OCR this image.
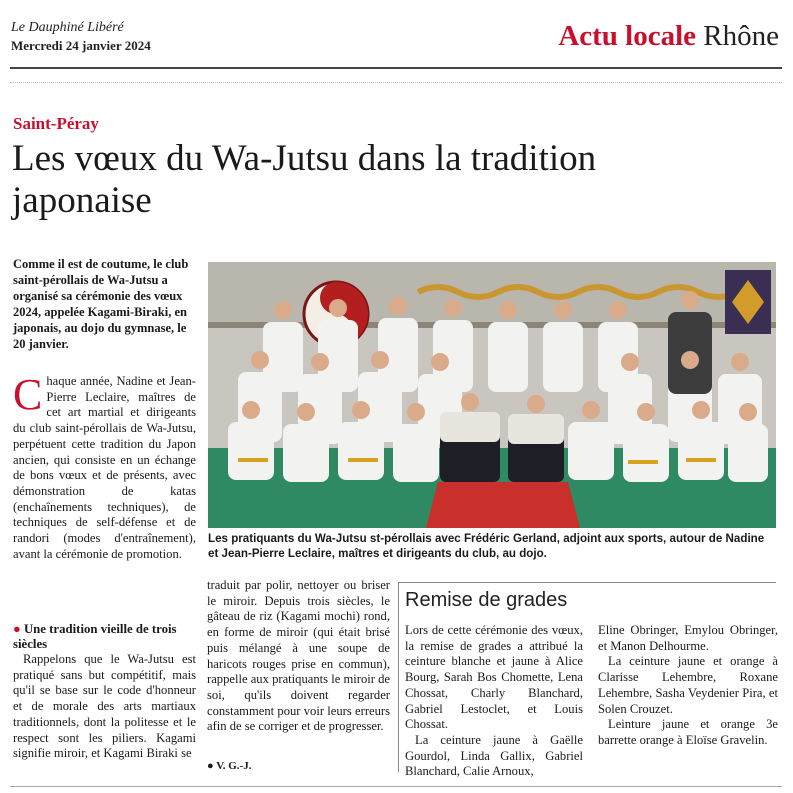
Le Dauphiné Libéré
Mercredi 24 janvier 2024	Actu locale Rhône
Saint-Péray
Les vœux du Wa-Jutsu dans la tradition japonaise

Comme il est de coutume, le club saint-pérollais de Wa-Jutsu a organisé sa cérémonie des vœux 2024, appelée Kagami-Biraki, en japonais, au dojo du gymnase, le 20 janvier.

C haque année, Nadine et Jean-Pierre Leclaire, maîtres de cet art martial et dirigeants du club saint-pérollais de Wa-Jutsu, perpétuent cette tradition du Japon ancien, qui consiste en un échange de bons vœux et de présents, avec démonstration de katas (enchaînements techniques), de techniques de self-défense et de randori (modes d'entraînement), avant la cérémonie de promotion.
● Une tradition vieille de trois siècles

Rappelons que le Wa-Jutsu est pratiqué sans but compétitif, mais qu'il se base sur le code d'honneur et de morale des arts martiaux traditionnels, dont la politesse et le respect sont les piliers. Kagami signifie miroir, et Kagami Biraki se

traduit par polir, nettoyer ou briser le miroir. Depuis trois siècles, le gâteau de riz (Kagami mochi) rond, en forme de miroir (qui était brisé puis mélangé à une soupe de haricots rouges prise en commun), rappelle aux pratiquants le miroir de soi, qu'ils doivent regarder constamment pour voir leurs erreurs afin de se corriger et de progresser.

● V. G.-J.

Les pratiquants du Wa-Jutsu st-pérollais avec Frédéric Gerland, adjoint aux sports, autour de Nadine et Jean-Pierre Leclaire, maîtres et dirigeants du club, au dojo.

Remise de grades

Lors de cette cérémonie des vœux, la remise de grades a attribué la ceinture blanche et jaune à Alice Bourg, Sarah Bos Chomette, Lena Chossat, Charly Blanchard, Gabriel Lestoclet, et Louis Chossat.

La ceinture jaune à Gaëlle Gourdol, Linda Gallix, Gabriel Blanchard, Calie Arnoux,

Eline Obringer, Emylou Obringer, et Manon Delhourme.

La ceinture jaune et orange à Clarisse Lehembre, Roxane Lehembre, Sasha Veydenier Pira, et Solen Crouzet.

Leinture jaune et orange 3e barrette orange à Eloïse Gravelin.
